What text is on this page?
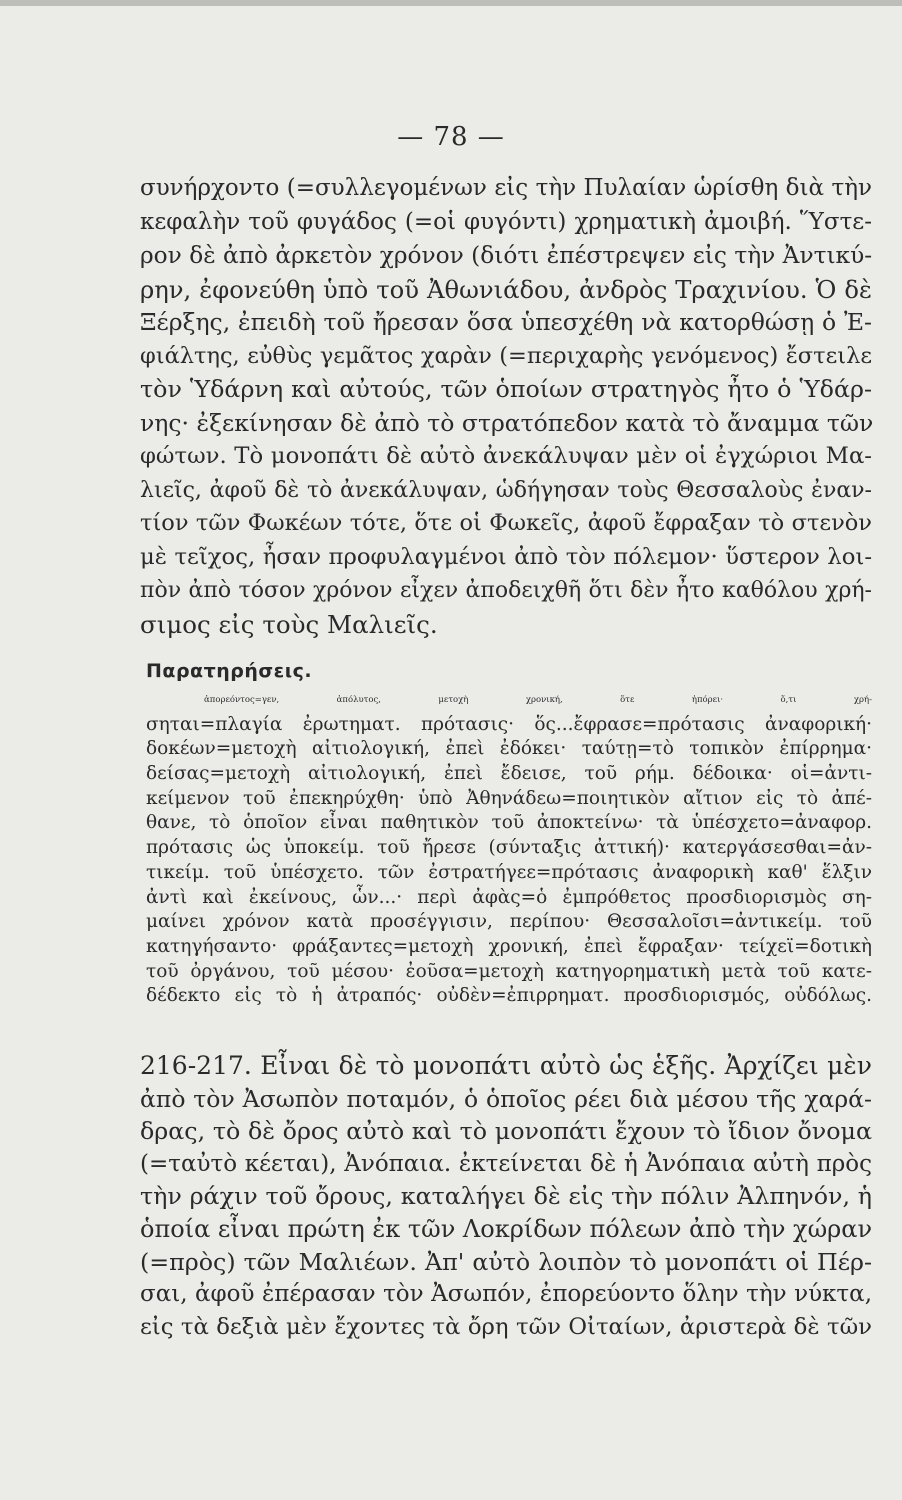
— 78 —
συνήρχοντο (=συλλεγομένων εἰς τὴν Πυλαίαν ὡρίσθη διὰ τὴν
κεφαλὴν τοῦ φυγάδος (=οἱ φυγόντι) χρηματικὴ ἀμοιβή. Ὕστε-
ρον δὲ ἀπὸ ἀρκετὸν χρόνον (διότι ἐπέστρεψεν εἰς τὴν Ἀντικύ-
ρην, ἐφονεύθη ὑπὸ τοῦ Ἀθωνιάδου, ἀνδρὸς Τραχινίου. Ὁ δὲ
Ξέρξης, ἐπειδὴ τοῦ ἤρεσαν ὅσα ὑπεσχέθη νὰ κατορθώσῃ ὁ Ἐ-
φιάλτης, εὐθὺς γεμᾶτος χαρὰν (=περιχαρὴς γενόμενος) ἔστειλε
τὸν Ὑδάρνη καὶ αὐτούς, τῶν ὁποίων στρατηγὸς ἦτο ὁ Ὑδάρ-
νης· ἐξεκίνησαν δὲ ἀπὸ τὸ στρατόπεδον κατὰ τὸ ἄναμμα τῶν
φώτων. Τὸ μονοπάτι δὲ αὐτὸ ἀνεκάλυψαν μὲν οἱ ἐγχώριοι Μα-
λιεῖς, ἀφοῦ δὲ τὸ ἀνεκάλυψαν, ὡδήγησαν τοὺς Θεσσαλοὺς ἐναν-
τίον τῶν Φωκέων τότε, ὅτε οἱ Φωκεῖς, ἀφοῦ ἔφραξαν τὸ στενὸν
μὲ τεῖχος, ἦσαν προφυλαγμένοι ἀπὸ τὸν πόλεμον· ὕστερον λοι-
πὸν ἀπὸ τόσον χρόνον εἶχεν ἀποδειχθῆ ὅτι δὲν ἦτο καθόλου χρή-
σιμος εἰς τοὺς Μαλιεῖς.
Παρατηρήσεις.
ἀπορεόντος=γεν, ἀπόλυτος, μετοχὴ χρονική, ὅτε ἠπόρει· ὅ,τι χρή-
σηται=πλαγία ἐρωτηματ. πρότασις· ὅς...ἔφρασε=πρότασις ἀναφορική·
δοκέων=μετοχὴ αἰτιολογική, ἐπεὶ ἐδόκει· ταύτῃ=τὸ τοπικὸν ἐπίρρημα·
δείσας=μετοχὴ αἰτιολογική, ἐπεὶ ἔδεισε, τοῦ ρήμ. δέδοικα· οἱ=ἀντι-
κείμενον τοῦ ἐπεκηρύχθη· ὑπὸ Ἀθηνάδεω=ποιητικὸν αἴτιον εἰς τὸ ἀπέ-
θανε, τὸ ὁποῖον εἶναι παθητικὸν τοῦ ἀποκτείνω· τὰ ὑπέσχετο=ἀναφορ.
πρότασις ὡς ὑποκείμ. τοῦ ἤρεσε (σύνταξις ἀττική)· κατεργάσεσθαι=ἀν-
τικείμ. τοῦ ὑπέσχετο. τῶν ἐστρατήγεε=πρότασις ἀναφορικὴ καθ' ἕλξιν
ἀντὶ καὶ ἐκείνους, ὧν...· περὶ ἀφὰς=ὁ ἐμπρόθετος προσδιορισμὸς ση-
μαίνει χρόνον κατὰ προσέγγισιν, περίπου· Θεσσαλοῖσι=ἀντικείμ. τοῦ
κατηγήσαντο· φράξαντες=μετοχὴ χρονική, ἐπεὶ ἔφραξαν· τείχεϊ=δοτικὴ
τοῦ ὀργάνου, τοῦ μέσου· ἐοῦσα=μετοχὴ κατηγορηματικὴ μετὰ τοῦ κατε-
δέδεκτο εἰς τὸ ἡ ἀτραπός· οὐδὲν=ἐπιρρηματ. προσδιορισμός, οὐδόλως.
216-217. Εἶναι δὲ τὸ μονοπάτι αὐτὸ ὡς ἑξῆς. Ἀρχίζει μὲν
ἀπὸ τὸν Ἀσωπὸν ποταμόν, ὁ ὁποῖος ρέει διὰ μέσου τῆς χαρά-
δρας, τὸ δὲ ὄρος αὐτὸ καὶ τὸ μονοπάτι ἔχουν τὸ ἴδιον ὄνομα
(=ταὐτὸ κέεται), Ἀνόπαια. ἐκτείνεται δὲ ἡ Ἀνόπαια αὐτὴ πρὸς
τὴν ράχιν τοῦ ὄρους, καταλήγει δὲ εἰς τὴν πόλιν Ἀλπηνόν, ἡ
ὁποία εἶναι πρώτη ἐκ τῶν Λοκρίδων πόλεων ἀπὸ τὴν χώραν
(=πρὸς) τῶν Μαλιέων. Ἀπ' αὐτὸ λοιπὸν τὸ μονοπάτι οἱ Πέρ-
σαι, ἀφοῦ ἐπέρασαν τὸν Ἀσωπόν, ἐπορεύοντο ὅλην τὴν νύκτα,
εἰς τὰ δεξιὰ μὲν ἔχοντες τὰ ὄρη τῶν Οἰταίων, ἀριστερὰ δὲ τῶν
